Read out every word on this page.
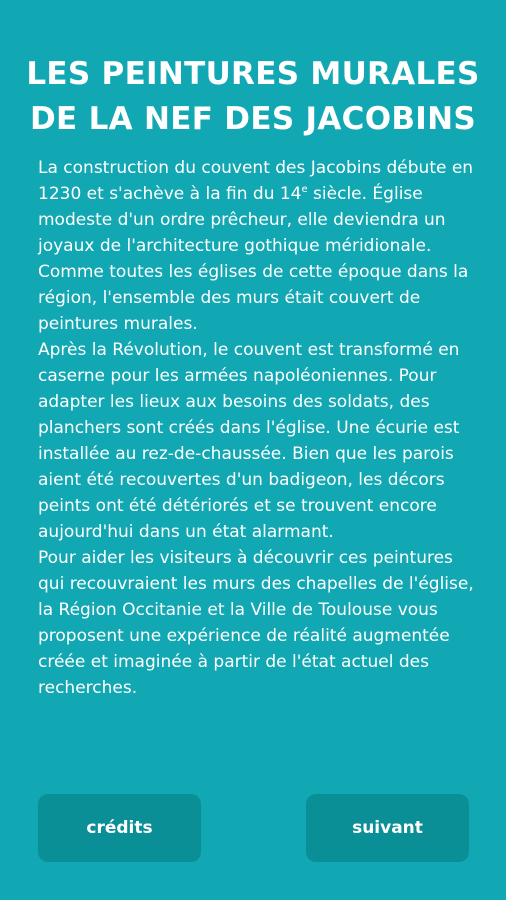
LES PEINTURES MURALES
DE LA NEF DES JACOBINS

La construction du couvent des Jacobins débute en 1230 et s'achève à la fin du 14e siècle. Église modeste d'un ordre prêcheur, elle deviendra un joyaux de l'architecture gothique méridionale. Comme toutes les églises de cette époque dans la région, l'ensemble des murs était couvert de peintures murales.

Après la Révolution, le couvent est transformé en caserne pour les armées napoléoniennes. Pour adapter les lieux aux besoins des soldats, des planchers sont créés dans l'église. Une écurie est installée au rez-de-chaussée. Bien que les parois aient été recouvertes d'un badigeon, les décors peints ont été détériorés et se trouvent encore aujourd'hui dans un état alarmant.

Pour aider les visiteurs à découvrir ces peintures qui recouvraient les murs des chapelles de l'église, la Région Occitanie et la Ville de Toulouse vous proposent une expérience de réalité augmentée créée et imaginée à partir de l'état actuel des recherches.

crédits	suivant
